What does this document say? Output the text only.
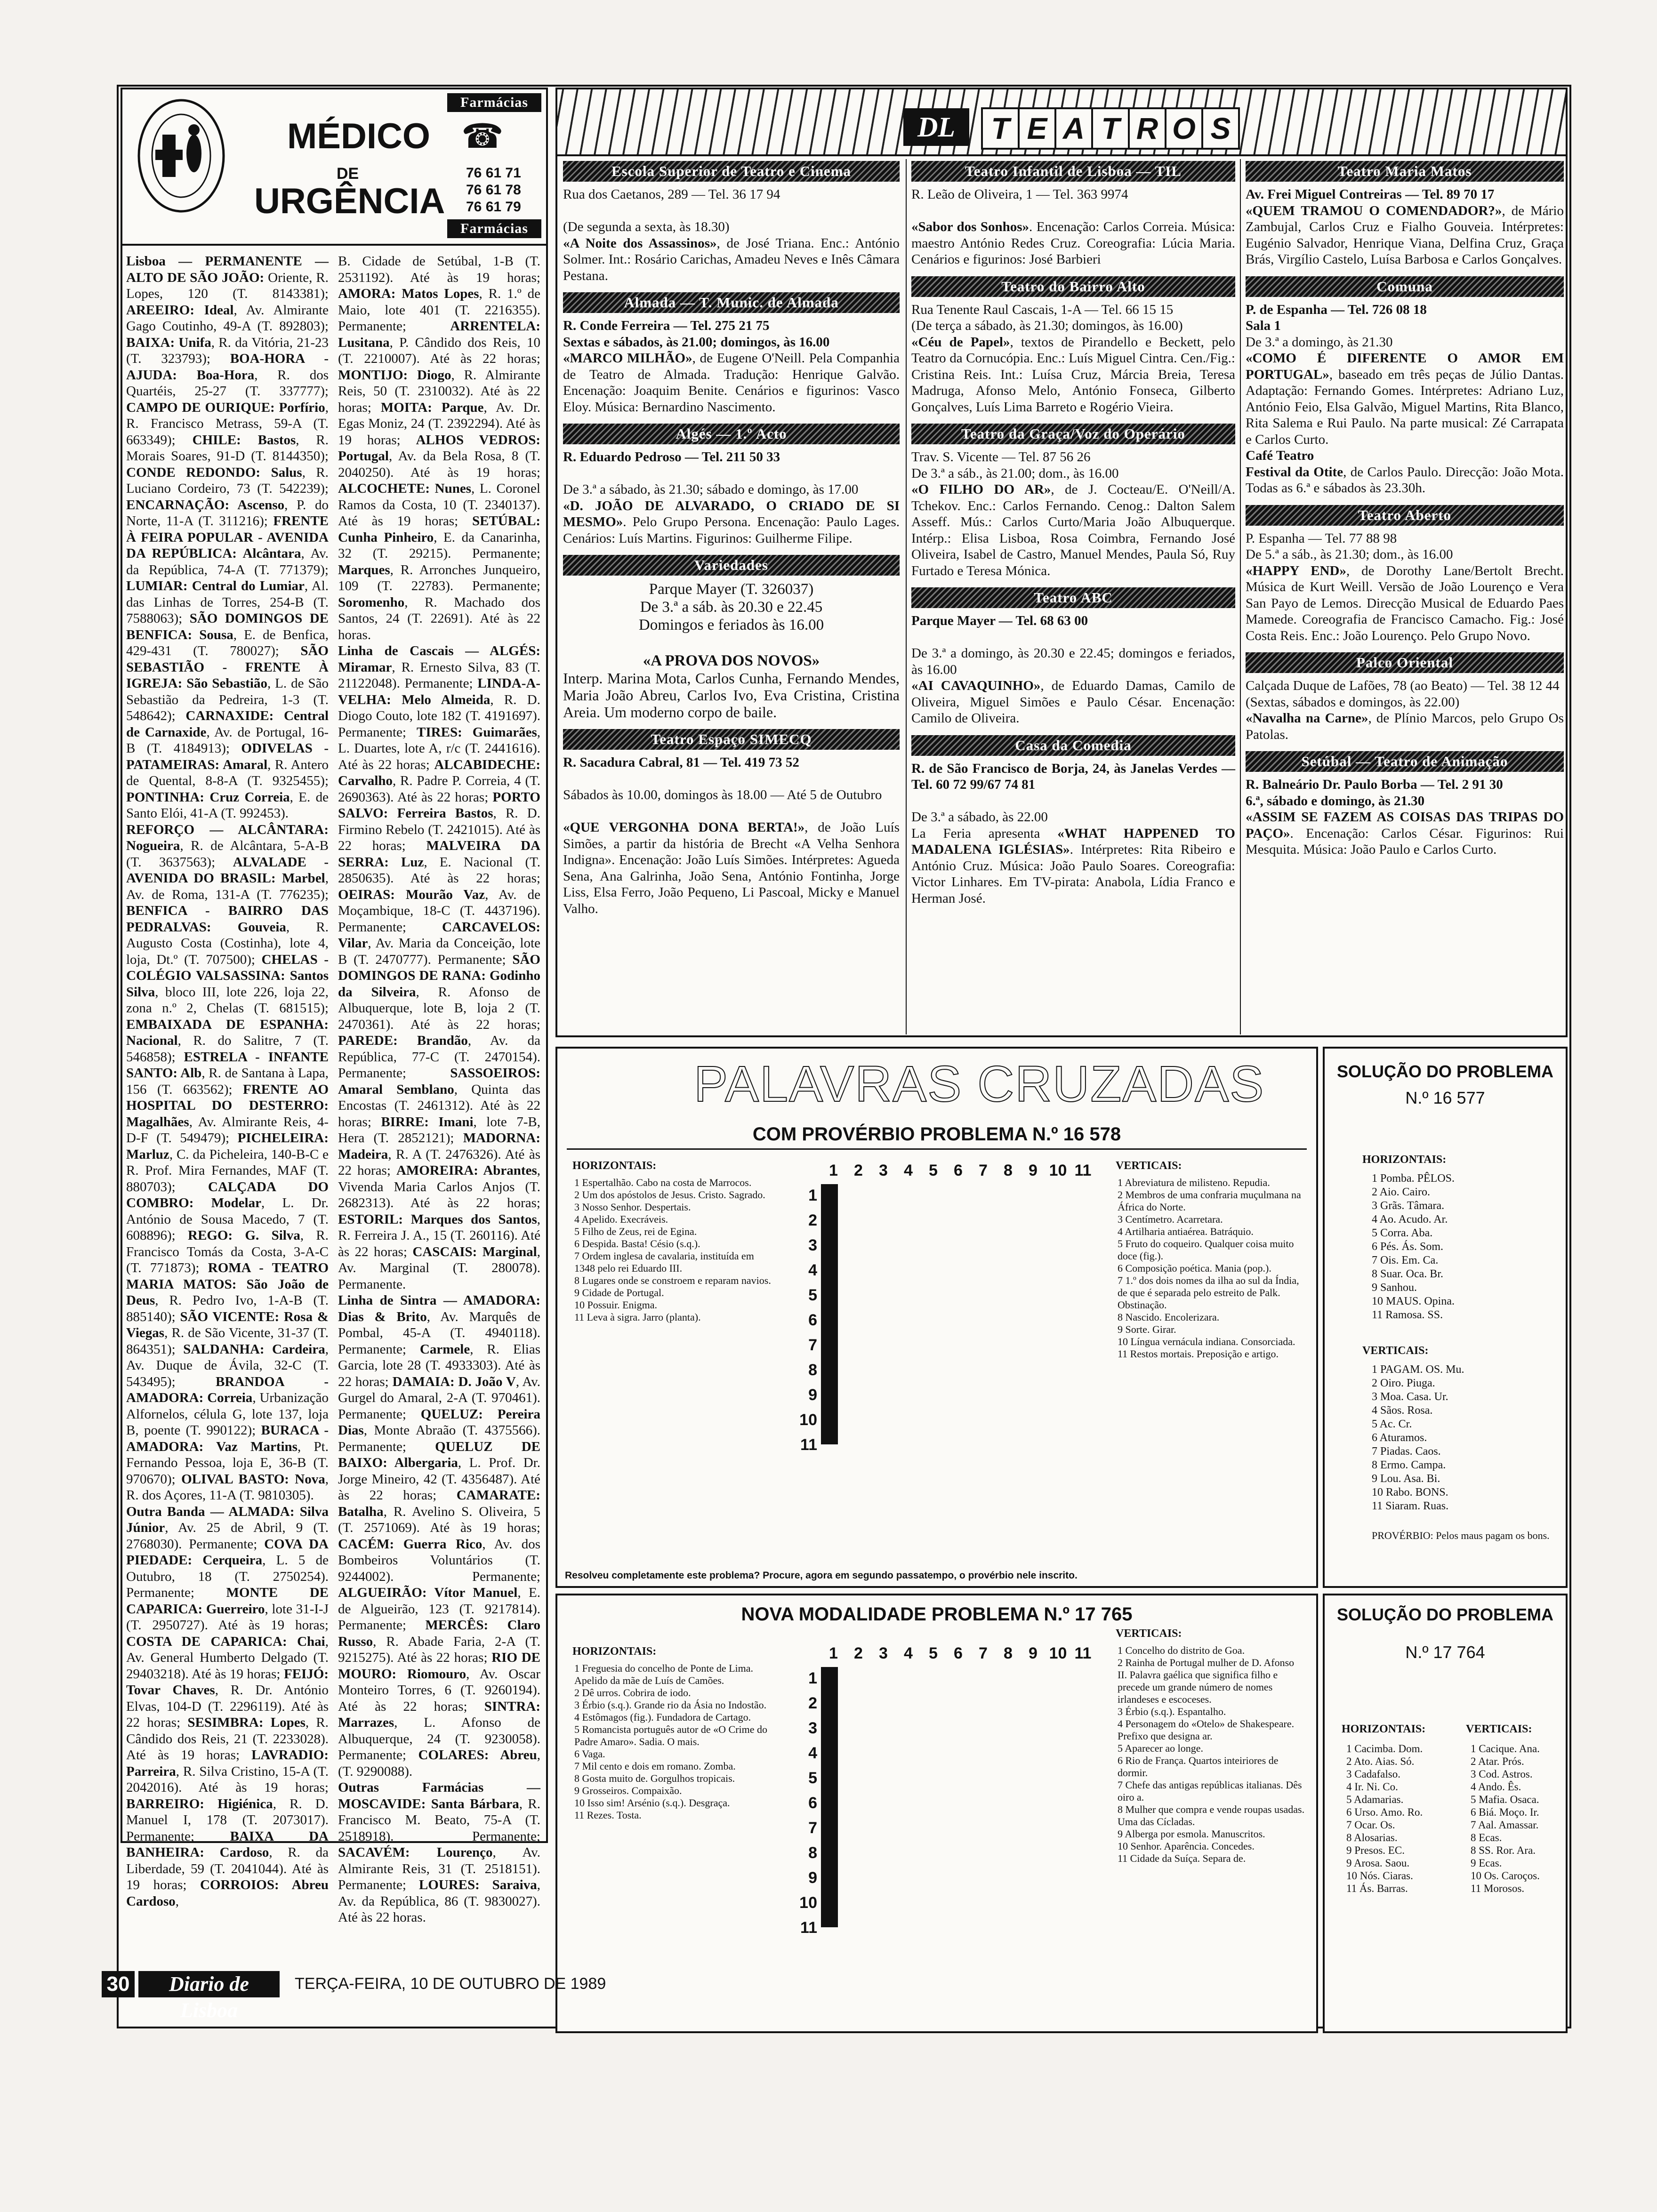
Farmácias
MÉDICO ☎
DE
URGÊNCIA
76 61 71
76 61 78
76 61 79
Farmácias
Lisboa — PERMANENTE — ALTO DE SÃO JOÃO: Oriente, R. Lopes, 120 (T. 8143381); AREEIRO: Ideal, Av. Almirante Gago Coutinho, 49-A (T. 892803); BAIXA: Unifa, R. da Vitória, 21-23 (T. 323793); BOA-HORA - AJUDA: Boa-Hora, R. dos Quartéis, 25-27 (T. 337777); CAMPO DE OURIQUE: Porfírio, R. Francisco Metrass, 59-A (T. 663349); CHILE: Bastos, R. Morais Soares, 91-D (T. 8144350); CONDE REDONDO: Salus, R. Luciano Cordeiro, 73 (T. 542239); ENCARNAÇÃO: Ascenso, P. do Norte, 11-A (T. 311216); FRENTE À FEIRA POPULAR - AVENIDA DA REPÚBLICA: Alcântara, Av. da República, 74-A (T. 771379); LUMIAR: Central do Lumiar, Al. das Linhas de Torres, 254-B (T. 7588063); SÃO DOMINGOS DE BENFICA: Sousa, E. de Benfica, 429-431 (T. 780027); SÃO SEBASTIÃO - FRENTE À IGREJA: São Sebastião, L. de São Sebastião da Pedreira, 1-3 (T. 548642); CARNAXIDE: Central de Carnaxide, Av. de Portugal, 16-B (T. 4184913); ODIVELAS - PATAMEIRAS: Amaral, R. Antero de Quental, 8-8-A (T. 9325455); PONTINHA: Cruz Correia, E. de Santo Elói, 41-A (T. 992453).
REFORÇO — ALCÂNTARA: Nogueira, R. de Alcântara, 5-A-B (T. 3637563); ALVALADE - AVENIDA DO BRASIL: Marbel, Av. de Roma, 131-A (T. 776235); BENFICA - BAIRRO DAS PEDRALVAS: Gouveia, R. Augusto Costa (Costinha), lote 4, loja, Dt.º (T. 707500); CHELAS - COLÉGIO VALSASSINA: Santos Silva, bloco III, lote 226, loja 22, zona n.º 2, Chelas (T. 681515); EMBAIXADA DE ESPANHA: Nacional, R. do Salitre, 7 (T. 546858); ESTRELA - INFANTE SANTO: Alb, R. de Santana à Lapa, 156 (T. 663562); FRENTE AO HOSPITAL DO DESTERRO: Magalhães, Av. Almirante Reis, 4-D-F (T. 549479); PICHELEIRA: Marluz, C. da Picheleira, 140-B-C e R. Prof. Mira Fernandes, MAF (T. 880703); CALÇADA DO COMBRO: Modelar, L. Dr. António de Sousa Macedo, 7 (T. 608896); REGO: G. Silva, R. Francisco Tomás da Costa, 3-A-C (T. 771873); ROMA - TEATRO MARIA MATOS: São João de Deus, R. Pedro Ivo, 1-A-B (T. 885140); SÃO VICENTE: Rosa & Viegas, R. de São Vicente, 31-37 (T. 864351); SALDANHA: Cardeira, Av. Duque de Ávila, 32-C (T. 543495); BRANDOA - AMADORA: Correia, Urbanização Alfornelos, célula G, lote 137, loja B, poente (T. 990122); BURACA - AMADORA: Vaz Martins, Pt. Fernando Pessoa, loja E, 36-B (T. 970670); OLIVAL BASTO: Nova, R. dos Açores, 11-A (T. 9810305).
Outra Banda — ALMADA: Silva Júnior, Av. 25 de Abril, 9 (T. 2768030). Permanente; COVA DA PIEDADE: Cerqueira, L. 5 de Outubro, 18 (T. 2750254). Permanente; MONTE DE CAPARICA: Guerreiro, lote 31-I-J (T. 2950727). Até às 19 horas; COSTA DE CAPARICA: Chai, Av. General Humberto Delgado (T. 29403218). Até às 19 horas; FEIJÓ: Tovar Chaves, R. Dr. António Elvas, 104-D (T. 2296119). Até às 22 horas; SESIMBRA: Lopes, R. Cândido dos Reis, 21 (T. 2233028). Até às 19 horas; LAVRADIO: Parreira, R. Silva Cristino, 15-A (T. 2042016). Até às 19 horas; BARREIRO: Higiénica, R. D. Manuel I, 178 (T. 2073017). Permanente; BAIXA DA BANHEIRA: Cardoso, R. da Liberdade, 59 (T. 2041044). Até às 19 horas; CORROIOS: Abreu Cardoso,
B. Cidade de Setúbal, 1-B (T. 2531192). Até às 19 horas; AMORA: Matos Lopes, R. 1.º de Maio, lote 401 (T. 2216355). Permanente; ARRENTELA: Lusitana, P. Cândido dos Reis, 10 (T. 2210007). Até às 22 horas; MONTIJO: Diogo, R. Almirante Reis, 50 (T. 2310032). Até às 22 horas; MOITA: Parque, Av. Dr. Egas Moniz, 24 (T. 2392294). Até às 19 horas; ALHOS VEDROS: Portugal, Av. da Bela Rosa, 8 (T. 2040250). Até às 19 horas; ALCOCHETE: Nunes, L. Coronel Ramos da Costa, 10 (T. 2340137). Até às 19 horas; SETÚBAL: Cunha Pinheiro, E. da Canarinha, 32 (T. 29215). Permanente; Marques, R. Arronches Junqueiro, 109 (T. 22783). Permanente; Soromenho, R. Machado dos Santos, 24 (T. 22691). Até às 22 horas.
Linha de Cascais — ALGÉS: Miramar, R. Ernesto Silva, 83 (T. 21122048). Permanente; LINDA-A-VELHA: Melo Almeida, R. D. Diogo Couto, lote 182 (T. 4191697). Permanente; TIRES: Guimarães, L. Duartes, lote A, r/c (T. 2441616). Até às 22 horas; ALCABIDECHE: Carvalho, R. Padre P. Correia, 4 (T. 2690363). Até às 22 horas; PORTO SALVO: Ferreira Bastos, R. D. Firmino Rebelo (T. 2421015). Até às 22 horas; MALVEIRA DA SERRA: Luz, E. Nacional (T. 2850635). Até às 22 horas; OEIRAS: Mourão Vaz, Av. de Moçambique, 18-C (T. 4437196). Permanente; CARCAVELOS: Vilar, Av. Maria da Conceição, lote B (T. 2470777). Permanente; SÃO DOMINGOS DE RANA: Godinho da Silveira, R. Afonso de Albuquerque, lote B, loja 2 (T. 2470361). Até às 22 horas; PAREDE: Brandão, Av. da República, 77-C (T. 2470154). Permanente; SASSOEIROS: Amaral Semblano, Quinta das Encostas (T. 2461312). Até às 22 horas; BIRRE: Imani, lote 7-B, Hera (T. 2852121); MADORNA: Madeira, R. A (T. 2476326). Até às 22 horas; AMOREIRA: Abrantes, Vivenda Maria Carlos Anjos (T. 2682313). Até às 22 horas; ESTORIL: Marques dos Santos, R. Ferreira J. A., 15 (T. 260116). Até às 22 horas; CASCAIS: Marginal, Av. Marginal (T. 280078). Permanente.
Linha de Sintra — AMADORA: Dias & Brito, Av. Marquês de Pombal, 45-A (T. 4940118). Permanente; Carmele, R. Elias Garcia, lote 28 (T. 4933303). Até às 22 horas; DAMAIA: D. João V, Av. Gurgel do Amaral, 2-A (T. 970461). Permanente; QUELUZ: Pereira Dias, Monte Abraão (T. 4375566). Permanente; QUELUZ DE BAIXO: Albergaria, L. Prof. Dr. Jorge Mineiro, 42 (T. 4356487). Até às 22 horas; CAMARATE: Batalha, R. Avelino S. Oliveira, 5 (T. 2571069). Até às 19 horas; CACÉM: Guerra Rico, Av. dos Bombeiros Voluntários (T. 9244002). Permanente; ALGUEIRÃO: Vítor Manuel, E. de Algueirão, 123 (T. 9217814). Permanente; MERCÊS: Claro Russo, R. Abade Faria, 2-A (T. 9215275). Até às 22 horas; RIO DE MOURO: Riomouro, Av. Oscar Monteiro Torres, 6 (T. 9260194). Até às 22 horas; SINTRA: Marrazes, L. Afonso de Albuquerque, 24 (T. 9230058). Permanente; COLARES: Abreu, (T. 9290088).
Outras Farmácias — MOSCAVIDE: Santa Bárbara, R. Francisco M. Beato, 75-A (T. 2518918). Permanente; SACAVÉM: Lourenço, Av. Almirante Reis, 31 (T. 2518151). Permanente; LOURES: Saraiva, Av. da República, 86 (T. 9830027). Até às 22 horas.
DL	T E A T R O S
Escola Superior de Teatro e Cinema
Rua dos Caetanos, 289 — Tel. 36 17 94

(De segunda a sexta, às 18.30)
«A Noite dos Assassinos», de José Triana. Enc.: António Solmer. Int.: Rosário Carichas, Amadeu Neves e Inês Câmara Pestana.
Almada — T. Munic. de Almada
R. Conde Ferreira — Tel. 275 21 75
Sextas e sábados, às 21.00; domingos, às 16.00
«MARCO MILHÃO», de Eugene O'Neill. Pela Companhia de Teatro de Almada. Tradução: Henrique Galvão. Encenação: Joaquim Benite. Cenários e figurinos: Vasco Eloy. Música: Bernardino Nascimento.
Algés — 1.º Acto
R. Eduardo Pedroso — Tel. 211 50 33

De 3.ª a sábado, às 21.30; sábado e domingo, às 17.00
«D. JOÃO DE ALVARADO, O CRIADO DE SI MESMO». Pelo Grupo Persona. Encenação: Paulo Lages. Cenários: Luís Martins. Figurinos: Guilherme Filipe.
Variedades
Parque Mayer (T. 326037)
De 3.ª a sáb. às 20.30 e 22.45
Domingos e feriados às 16.00

«A PROVA DOS NOVOS»
Interp. Marina Mota, Carlos Cunha, Fernando Mendes, Maria João Abreu, Carlos Ivo, Eva Cristina, Cristina Areia. Um moderno corpo de baile.
Teatro Espaço SIMECQ
R. Sacadura Cabral, 81 — Tel. 419 73 52

Sábados às 10.00, domingos às 18.00 — Até 5 de Outubro

«QUE VERGONHA DONA BERTA!», de João Luís Simões, a partir da história de Brecht «A Velha Senhora Indigna». Encenação: João Luís Simões. Intérpretes: Agueda Sena, Ana Galrinha, João Sena, António Fontinha, Jorge Liss, Elsa Ferro, João Pequeno, Li Pascoal, Micky e Manuel Valho.
Teatro Infantil de Lisboa — TIL
R. Leão de Oliveira, 1 — Tel. 363 9974

«Sabor dos Sonhos». Encenação: Carlos Correia. Música: maestro António Redes Cruz. Coreografia: Lúcia Maria. Cenários e figurinos: José Barbieri
Teatro do Bairro Alto
Rua Tenente Raul Cascais, 1-A — Tel. 66 15 15
(De terça a sábado, às 21.30; domingos, às 16.00)
«Céu de Papel», textos de Pirandello e Beckett, pelo Teatro da Cornucópia. Enc.: Luís Miguel Cintra. Cen./Fig.: Cristina Reis. Int.: Luísa Cruz, Márcia Breia, Teresa Madruga, Afonso Melo, António Fonseca, Gilberto Gonçalves, Luís Lima Barreto e Rogério Vieira.
Teatro da Graça/Voz do Operário
Trav. S. Vicente — Tel. 87 56 26
De 3.ª a sáb., às 21.00; dom., às 16.00
«O FILHO DO AR», de J. Cocteau/E. O'Neill/A. Tchekov. Enc.: Carlos Fernando. Cenog.: Dalton Salem Asseff. Mús.: Carlos Curto/Maria João Albuquerque. Intérp.: Elisa Lisboa, Rosa Coimbra, Fernando José Oliveira, Isabel de Castro, Manuel Mendes, Paula Só, Ruy Furtado e Teresa Mónica.
Teatro ABC
Parque Mayer — Tel. 68 63 00

De 3.ª a domingo, às 20.30 e 22.45; domingos e feriados, às 16.00
«AI CAVAQUINHO», de Eduardo Damas, Camilo de Oliveira, Miguel Simões e Paulo César. Encenação: Camilo de Oliveira.
Casa da Comedia
R. de São Francisco de Borja, 24, às Janelas Verdes — Tel. 60 72 99/67 74 81

De 3.ª a sábado, às 22.00
La Feria apresenta «WHAT HAPPENED TO MADALENA IGLÉSIAS». Intérpretes: Rita Ribeiro e António Cruz. Música: João Paulo Soares. Coreografia: Victor Linhares. Em TV-pirata: Anabola, Lídia Franco e Herman José.
Teatro Maria Matos
Av. Frei Miguel Contreiras — Tel. 89 70 17
«QUEM TRAMOU O COMENDADOR?», de Mário Zambujal, Carlos Cruz e Fialho Gouveia. Intérpretes: Eugénio Salvador, Henrique Viana, Delfina Cruz, Graça Brás, Virgílio Castelo, Luísa Barbosa e Carlos Gonçalves.
Comuna
P. de Espanha — Tel. 726 08 18
Sala 1
De 3.ª a domingo, às 21.30
«COMO É DIFERENTE O AMOR EM PORTUGAL», baseado em três peças de Júlio Dantas. Adaptação: Fernando Gomes. Intérpretes: Adriano Luz, António Feio, Elsa Galvão, Miguel Martins, Rita Blanco, Rita Salema e Rui Paulo. Na parte musical: Zé Carrapata e Carlos Curto.
Café Teatro
Festival da Otite, de Carlos Paulo. Direcção: João Mota. Todas as 6.ª e sábados às 23.30h.
Teatro Aberto
P. Espanha — Tel. 77 88 98
De 5.ª a sáb., às 21.30; dom., às 16.00
«HAPPY END», de Dorothy Lane/Bertolt Brecht. Música de Kurt Weill. Versão de João Lourenço e Vera San Payo de Lemos. Direcção Musical de Eduardo Paes Mamede. Coreografia de Francisco Camacho. Fig.: José Costa Reis. Enc.: João Lourenço. Pelo Grupo Novo.
Palco Oriental
Calçada Duque de Lafões, 78 (ao Beato) — Tel. 38 12 44
(Sextas, sábados e domingos, às 22.00)
«Navalha na Carne», de Plínio Marcos, pelo Grupo Os Patolas.
Setúbal — Teatro de Animação
R. Balneário Dr. Paulo Borba — Tel. 2 91 30
6.ª, sábado e domingo, às 21.30
«ASSIM SE FAZEM AS COISAS DAS TRIPAS DO PAÇO». Encenação: Carlos César. Figurinos: Rui Mesquita. Música: João Paulo e Carlos Curto.
PALAVRAS CRUZADAS
COM PROVÉRBIO PROBLEMA N.º 16 578
HORIZONTAIS:
1 Espertalhão. Cabo na costa de Marrocos.
2 Um dos apóstolos de Jesus. Cristo. Sagrado.
3 Nosso Senhor. Despertais.
4 Apelido. Execráveis.
5 Filho de Zeus, rei de Egina.
6 Despida. Basta! Césio (s.q.).
7 Ordem inglesa de cavalaria, instituída em 1348 pelo rei Eduardo III.
8 Lugares onde se constroem e reparam navios.
9 Cidade de Portugal.
10 Possuir. Enigma.
11 Leva à sigra. Jarro (planta).
1	2	3	4	5	6	7	8	9 10 11
1
2
3
4
5
6
7
8
9
10
11

VERTICAIS:
1 Abreviatura de milisteno. Repudia.
2 Membros de uma confraria muçulmana na África do Norte.
3 Centímetro. Acarretara.
4 Artilharia antiaérea. Batráquio.
5 Fruto do coqueiro. Qualquer coisa muito doce (fig.).
6 Composição poética. Mania (pop.).
7 1.º dos dois nomes da ilha ao sul da Índia, de que é separada pelo estreito de Palk. Obstinação.
8 Nascido. Encolerizara.
9 Sorte. Girar.
10 Língua vernácula indiana. Consorciada.
11 Restos mortais. Preposição e artigo.
Resolveu completamente este problema? Procure, agora em segundo passatempo, o provérbio nele inscrito.
SOLUÇÃO DO PROBLEMA
N.º 16 577
HORIZONTAIS:
1 Pomba. PÊLOS.
2 Aio. Cairo.
3 Grãs. Tâmara.
4 Ao. Acudo. Ar.
5 Corra. Aba.
6 Pés. Ás. Som.
7 Ois. Em. Ca.
8 Suar. Oca. Br.
9 Sanhou.
10 MAUS. Opina.
11 Ramosa. SS.
VERTICAIS:
1 PAGAM. OS. Mu.
2 Oiro. Piuga.
3 Moa. Casa. Ur.
4 Sãos. Rosa.
5 Ac. Cr.
6 Aturamos.
7 Piadas. Caos.
8 Ermo. Campa.
9 Lou. Asa. Bi.
10 Rabo. BONS.
11 Siaram. Ruas.
PROVÉRBIO: Pelos maus pagam os bons.
NOVA MODALIDADE PROBLEMA N.º 17 765
HORIZONTAIS:
1 Freguesia do concelho de Ponte de Lima. Apelido da mãe de Luís de Camões.
2 Dê urros. Cobrira de iodo.
3 Érbio (s.q.). Grande rio da Ásia no Indostão.
4 Estômagos (fig.). Fundadora de Cartago.
5 Romancista português autor de «O Crime do Padre Amaro». Sadia. O mais.
6 Vaga.
7 Mil cento e dois em romano. Zomba.
8 Gosta muito de. Gorgulhos tropicais.
9 Grosseiros. Compaixão.
10 Isso sim! Arsénio (s.q.). Desgraça.
11 Rezes. Tosta.
1	2	3	4	5	6	7	8	9 10 11
1
2
3
4
5
6
7
8
9
10
11

VERTICAIS:
1 Concelho do distrito de Goa.
2 Rainha de Portugal mulher de D. Afonso II. Palavra gaélica que significa filho e precede um grande número de nomes irlandeses e escoceses.
3 Érbio (s.q.). Espantalho.
4 Personagem do «Otelo» de Shakespeare. Prefixo que designa ar.
5 Aparecer ao longe.
6 Rio de França. Quartos inteiriores de dormir.
7 Chefe das antigas repúblicas italianas. Dês oiro a.
8 Mulher que compra e vende roupas usadas. Uma das Cícladas.
9 Alberga por esmola. Manuscritos.
10 Senhor. Aparência. Concedes.
11 Cidade da Suíça. Separa de.
SOLUÇÃO DO PROBLEMA
N.º 17 764
HORIZONTAIS:
1 Cacimba. Dom.
2 Ato. Aias. Só.
3 Cadafalso.
4 Ir. Ni. Co.
5 Adamarias.
6 Urso. Amo. Ro.
7 Ocar. Os.
8 Alosarias.
9 Presos. EC.
9 Arosa. Saou.
10 Nós. Ciaras.
11 Ás. Barras.
VERTICAIS:
1 Cacique. Ana.
2 Atar. Prós.
3 Cod. Astros.
4 Ando. Ês.
5 Mafia. Osaca.
6 Biá. Moço. Ir.
7 Aal. Amassar.
8 Ecas.
8 SS. Ror. Ara.
9 Ecas.
10 Os. Caroços.
11 Morosos.
30	Diario de Lisboa
TERÇA-FEIRA, 10 DE OUTUBRO DE 1989
